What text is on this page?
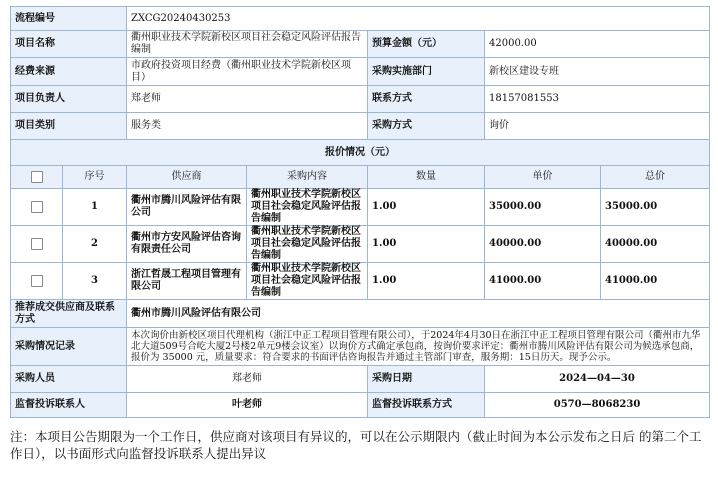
流程编号		ZXCG20240430253				
项目名称		衢州职业技术学院新校区项目社会稳定风险评估报告编制		预算金额（元）	42000.00	
经费来源		市政府投资项目经费（衢州职业技术学院新校区项目）		采购实施部门	新校区建设专班	
项目负责人		郑老师		联系方式	18157081553	
项目类别		服务类		采购方式	询价	
报价情况（元）						
	序号	供应商	采购内容	数量	单价	总价
	1	衢州市腾川风险评估有限公司	衢州职业技术学院新校区项目社会稳定风险评估报告编制	1.00	35000.00	35000.00
	2	衢州市方安风险评估咨询有限责任公司	衢州职业技术学院新校区项目社会稳定风险评估报告编制	1.00	40000.00	40000.00
	3	浙江哲晟工程项目管理有限公司	衢州职业技术学院新校区项目社会稳定风险评估报告编制	1.00	41000.00	41000.00
推荐成交供应商及联系方式		衢州市腾川风险评估有限公司				
采购情况记录		本次询价由新校区项目代理机构（浙江中正工程项目管理有限公司），于2024年4月30日在浙江中正工程项目管理有限公司（衢州市九华北大道509号合屹大厦2号楼2单元9楼会议室）以询价方式确定承包商，按询价要求评定：衢州市腾川风险评估有限公司为候选承包商，报价为 35000 元，质量要求：符合要求的书面评估咨询报告并通过主管部门审查，服务期：15日历天。现予公示。				
采购人员		郑老师		采购日期	2024—04—30	
监督投诉联系人		叶老师		监督投诉联系方式	0570—8068230	
注：本项目公告期限为一个工作日，供应商对该项目有异议的，可以在公示期限内（截止时间为本公示发布之日后 的第二个工作日），以书面形式向监督投诉联系人提出异议
